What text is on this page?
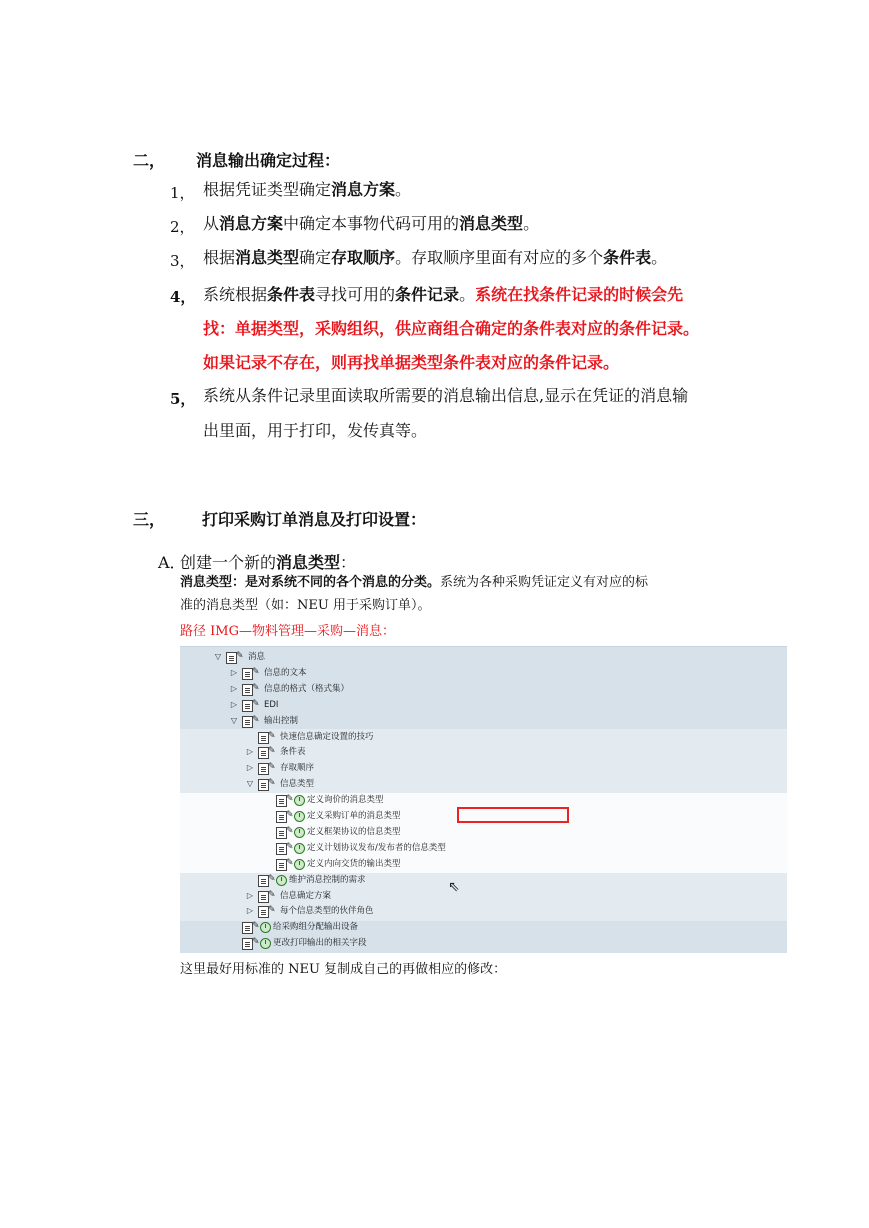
二， 消息输出确定过程：
1， 根据凭证类型确定消息方案。
2， 从消息方案中确定本事物代码可用的消息类型。
3， 根据消息类型确定存取顺序。存取顺序里面有对应的多个条件表。
4， 系统根据条件表寻找可用的条件记录。系统在找条件记录的时候会先
找：单据类型，采购组织，供应商组合确定的条件表对应的条件记录。
如果记录不存在，则再找单据类型条件表对应的条件记录。
5， 系统从条件记录里面读取所需要的消息输出信息,显示在凭证的消息输
出里面，用于打印，发传真等。
三， 打印采购订单消息及打印设置：
A．
创建一个新的消息类型：
消息类型：是对系统不同的各个消息的分类。系统为各种采购凭证定义有对应的标
准的消息类型（如：NEU 用于采购订单）。
路径 IMG—物料管理—采购—消息：
▽ ✎ 消息
▷ ✎ 信息的文本
▷ ✎ 信息的格式（格式集）
▷ ✎ EDI
▽ ✎ 输出控制
✎ 快速信息确定设置的技巧
▷ ✎ 条件表
▷ ✎ 存取顺序
▽ ✎ 信息类型
✎ 定义询价的消息类型
✎ 定义采购订单的消息类型
✎ 定义框架协议的信息类型
✎ 定义计划协议发布/发布者的信息类型
✎ 定义内向交货的输出类型
✎ 维护消息控制的需求
▷ ✎ 信息确定方案
▷ ✎ 每个信息类型的伙伴角色
✎ 给采购组分配输出设备
✎ 更改打印输出的相关字段
⇖
这里最好用标准的 NEU 复制成自己的再做相应的修改：
